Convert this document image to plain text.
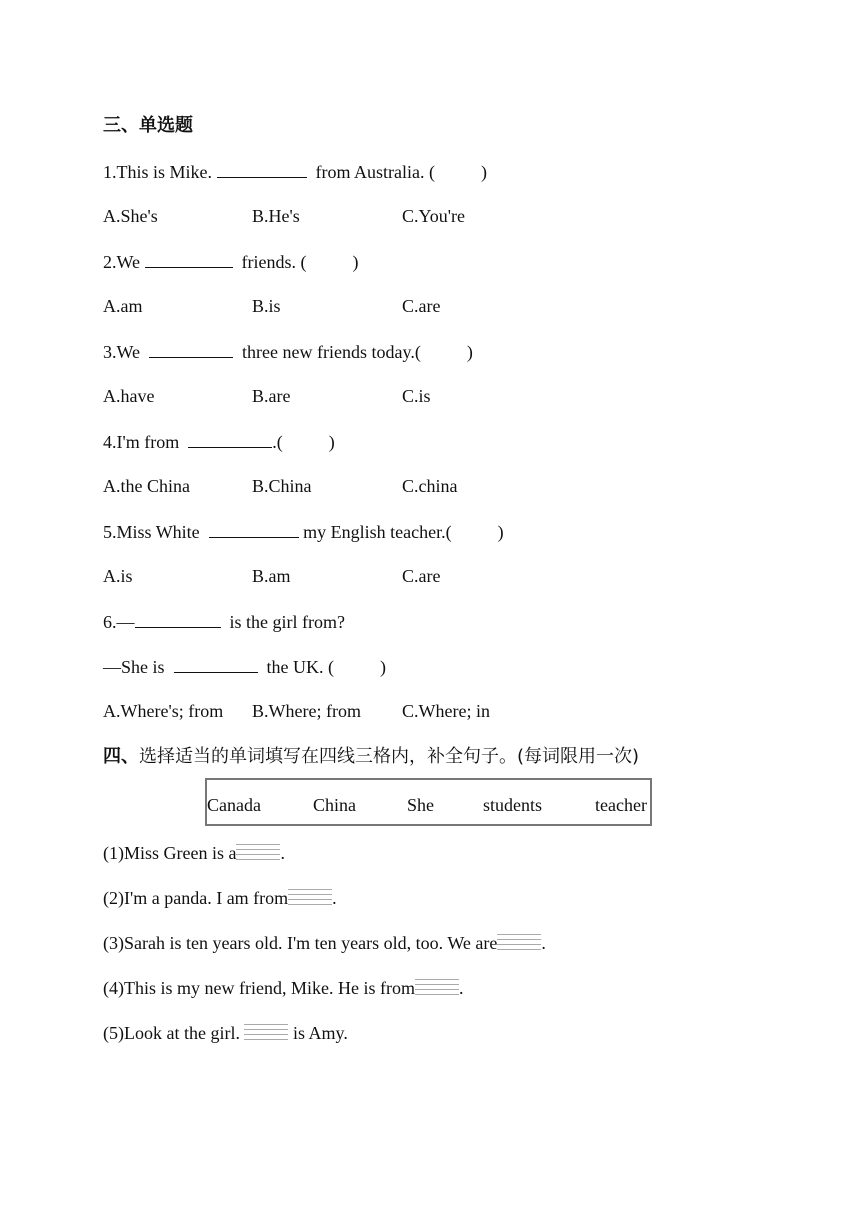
三、单选题
1.This is Mike.	from Australia. (	)
A.She's	B.He's	C.You're
2.We	friends. (	)
A.am	B.is	C.are
3.We	three new friends today.(	)
A.have	B.are	C.is
4.I'm from	.(	)
A.the China	B.China	C.china
5.Miss White	my English teacher.(	)
A.is	B.am	C.are
6.—	is the girl from?
—She is	the UK. (	)
A.Where's; from B.Where; from C.Where; in
四、选择适当的单词填写在四线三格内，补全句子。(每词限用一次)
Canada	China	She	students	teacher
(1)Miss Green is a .
(2)I'm a panda. I am from .
(3)Sarah is ten years old. I'm ten years old, too. We are .
(4)This is my new friend, Mike. He is from .
(5)Look at the girl.	is Amy.
